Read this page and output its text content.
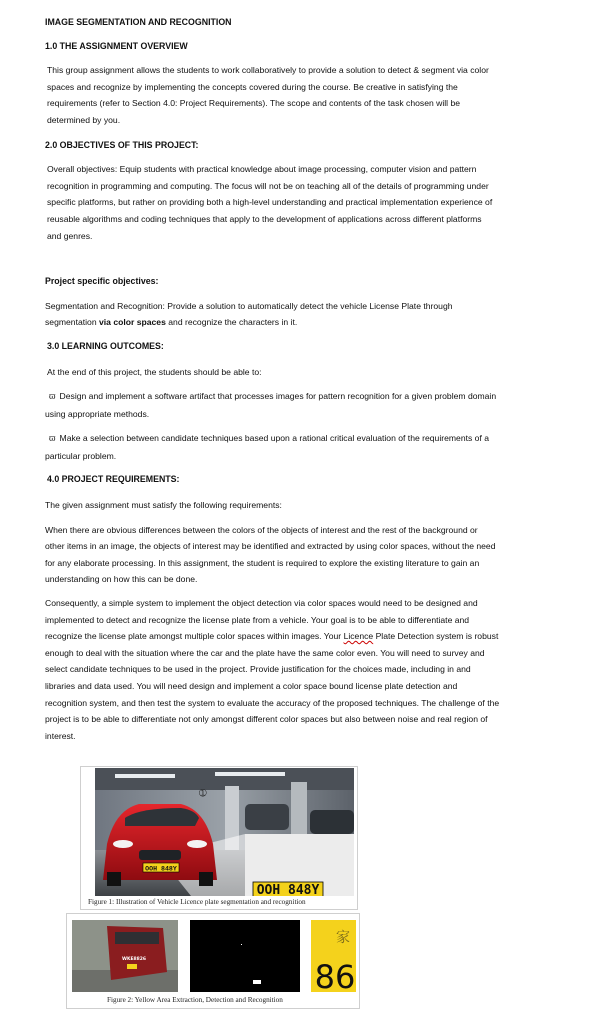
IMAGE SEGMENTATION AND RECOGNITION

1.0 THE ASSIGNMENT OVERVIEW

This group assignment allows the students to work collaboratively to provide a solution to detect & segment via color

spaces and recognize by implementing the concepts covered during the course. Be creative in satisfying the

requirements (refer to Section 4.0: Project Requirements). The scope and contents of the task chosen will be

determined by you.

2.0 OBJECTIVES OF THIS PROJECT:

Overall objectives: Equip students with practical knowledge about image processing, computer vision and pattern

recognition in programming and computing. The focus will not be on teaching all of the details of programming under

specific platforms, but rather on providing both a high-level understanding and practical implementation experience of

reusable algorithms and coding techniques that apply to the development of applications across different platforms

and genres.

Project specific objectives:

Segmentation and Recognition: Provide a solution to automatically detect the vehicle License Plate through

segmentation via color spaces and recognize the characters in it.

3.0 LEARNING OUTCOMES:

At the end of this project, the students should be able to:

ϖ Design and implement a software artifact that processes images for pattern recognition for a given problem domain

using appropriate methods.

ϖ Make a selection between candidate techniques based upon a rational critical evaluation of the requirements of a

particular problem.

4.0 PROJECT REQUIREMENTS:

The given assignment must satisfy the following requirements:

When there are obvious differences between the colors of the objects of interest and the rest of the background or

other items in an image, the objects of interest may be identified and extracted by using color spaces, without the need

for any elaborate processing. In this assignment, the student is required to explore the existing literature to gain an

understanding on how this can be done.

Consequently, a simple system to implement the object detection via color spaces would need to be designed and

implemented to detect and recognize the license plate from a vehicle. Your goal is to be able to differentiate and

recognize the license plate amongst multiple color spaces within images. Your Licence Plate Detection system is robust

enough to deal with the situation where the car and the plate have the same color even. You will need to survey and

select candidate techniques to be used in the project. Provide justification for the choices made, including in and

libraries and data used. You will need design and implement a color space bound license plate detection and

recognition system, and then test the system to evaluate the accuracy of the proposed techniques. The challenge of the

project is to be able to differentiate not only amongst different color spaces but also between noise and real region of

interest.

OOH 848Y
OOH 848Y
➀
Figure 1: Illustration of Vehicle Licence plate segmentation and recognition
WKE8826
家
86
Figure 2: Yellow Area Extraction, Detection and Recognition
